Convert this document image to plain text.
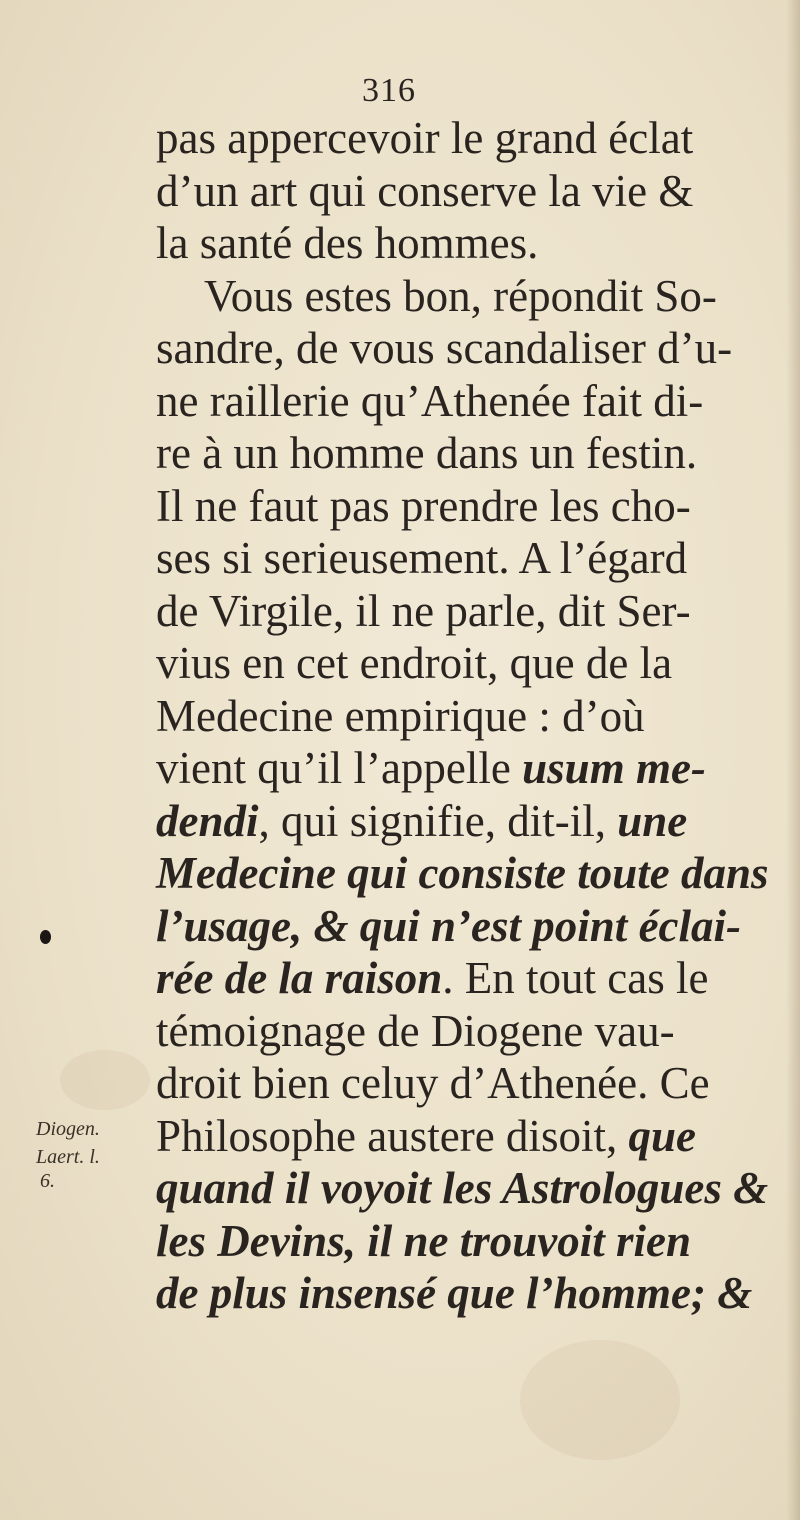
316
pas appercevoir le grand éclat
d’un art qui conserve la vie &
la santé des hommes.
Vous estes bon, répondit So-
sandre, de vous scandaliser d’u-
ne raillerie qu’Athenée fait di-
re à un homme dans un festin.
Il ne faut pas prendre les cho-
ses si serieusement. A l’égard
de Virgile, il ne parle, dit Ser-
vius en cet endroit, que de la
Medecine empirique : d’où
vient qu’il l’appelle usum me-
dendi, qui signifie, dit-il, une
Medecine qui consiste toute dans
l’usage, & qui n’est point éclai-
rée de la raison. En tout cas le
témoignage de Diogene vau-
droit bien celuy d’Athenée. Ce
Philosophe austere disoit, que
quand il voyoit les Astrologues &
les Devins, il ne trouvoit rien
de plus insensé que l’homme; &
Diogen.
Laert. l.
6.
